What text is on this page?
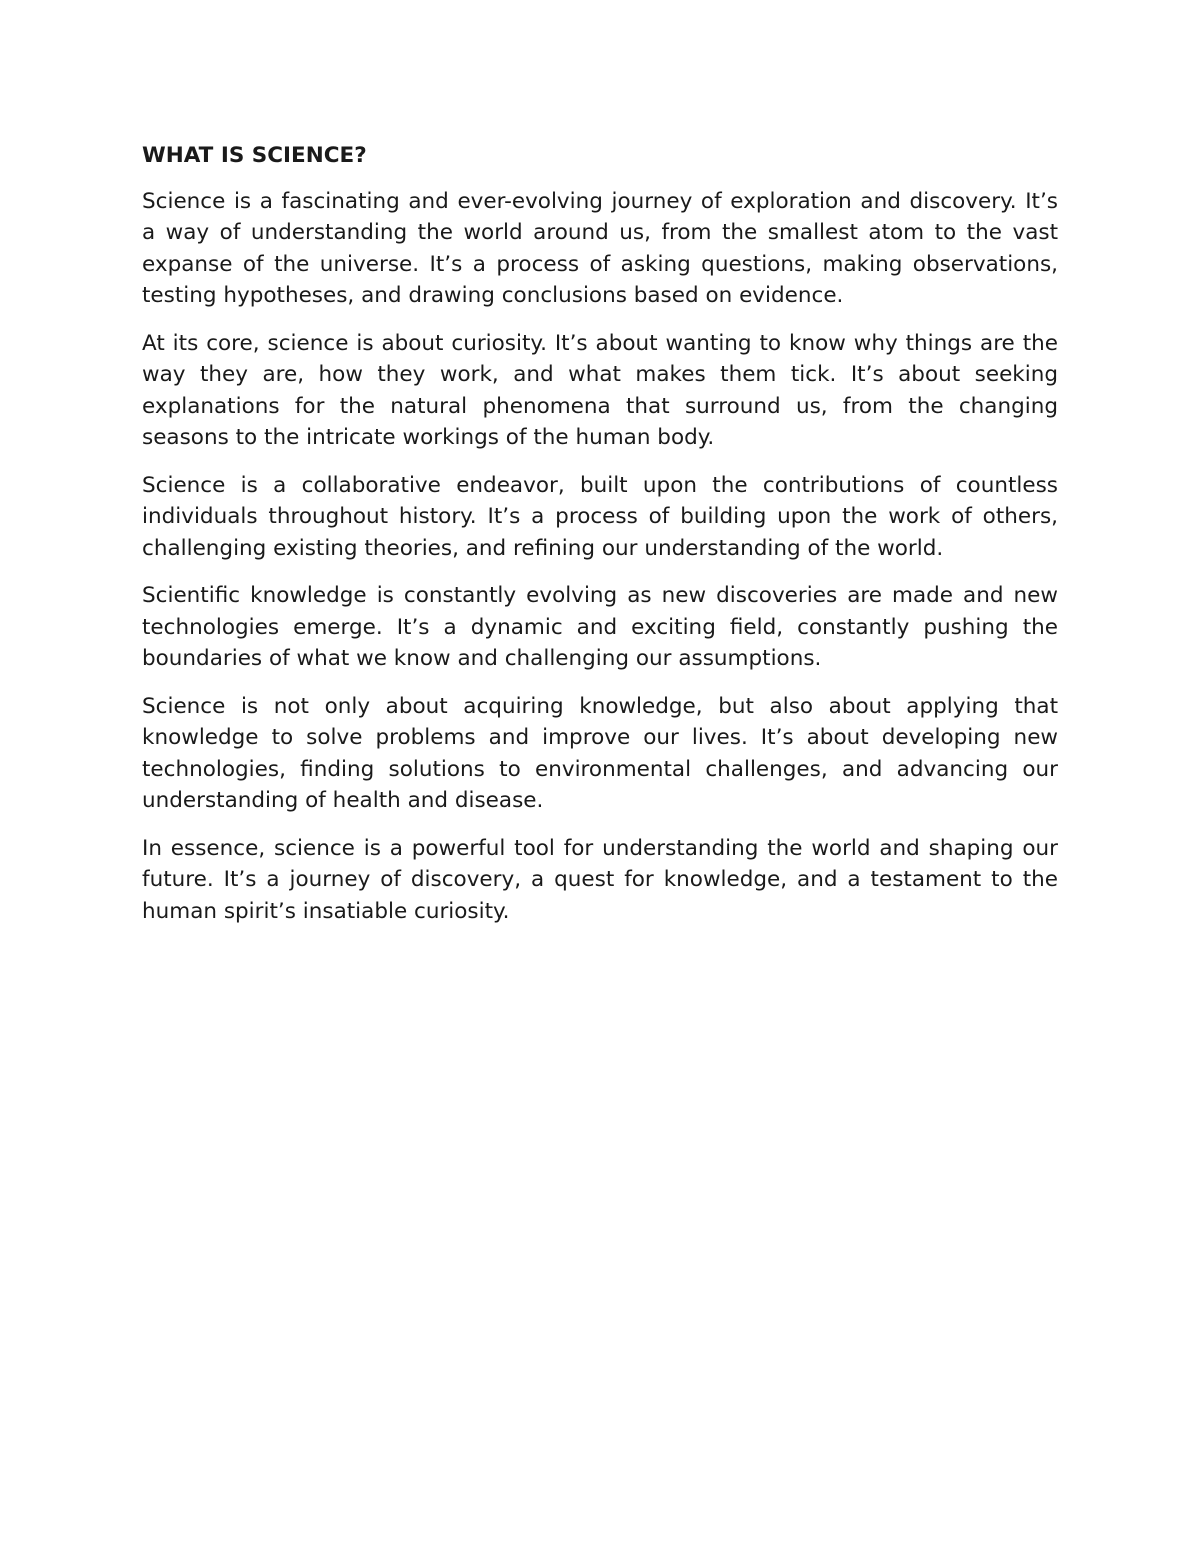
WHAT IS SCIENCE?

Science is a fascinating and ever-evolving journey of exploration and discovery. It’s a way of understanding the world around us, from the smallest atom to the vast expanse of the universe. It’s a process of asking questions, making observations, testing hypotheses, and drawing conclusions based on evidence.

At its core, science is about curiosity. It’s about wanting to know why things are the way they are, how they work, and what makes them tick. It’s about seeking explanations for the natural phenomena that surround us, from the changing seasons to the intricate workings of the human body.

Science is a collaborative endeavor, built upon the contributions of countless individuals throughout history. It’s a process of building upon the work of others, challenging existing theories, and refining our understanding of the world.

Scientific knowledge is constantly evolving as new discoveries are made and new technologies emerge. It’s a dynamic and exciting field, constantly pushing the boundaries of what we know and challenging our assumptions.

Science is not only about acquiring knowledge, but also about applying that knowledge to solve problems and improve our lives. It’s about developing new technologies, finding solutions to environmental challenges, and advancing our understanding of health and disease.

In essence, science is a powerful tool for understanding the world and shaping our future. It’s a journey of discovery, a quest for knowledge, and a testament to the human spirit’s insatiable curiosity.
